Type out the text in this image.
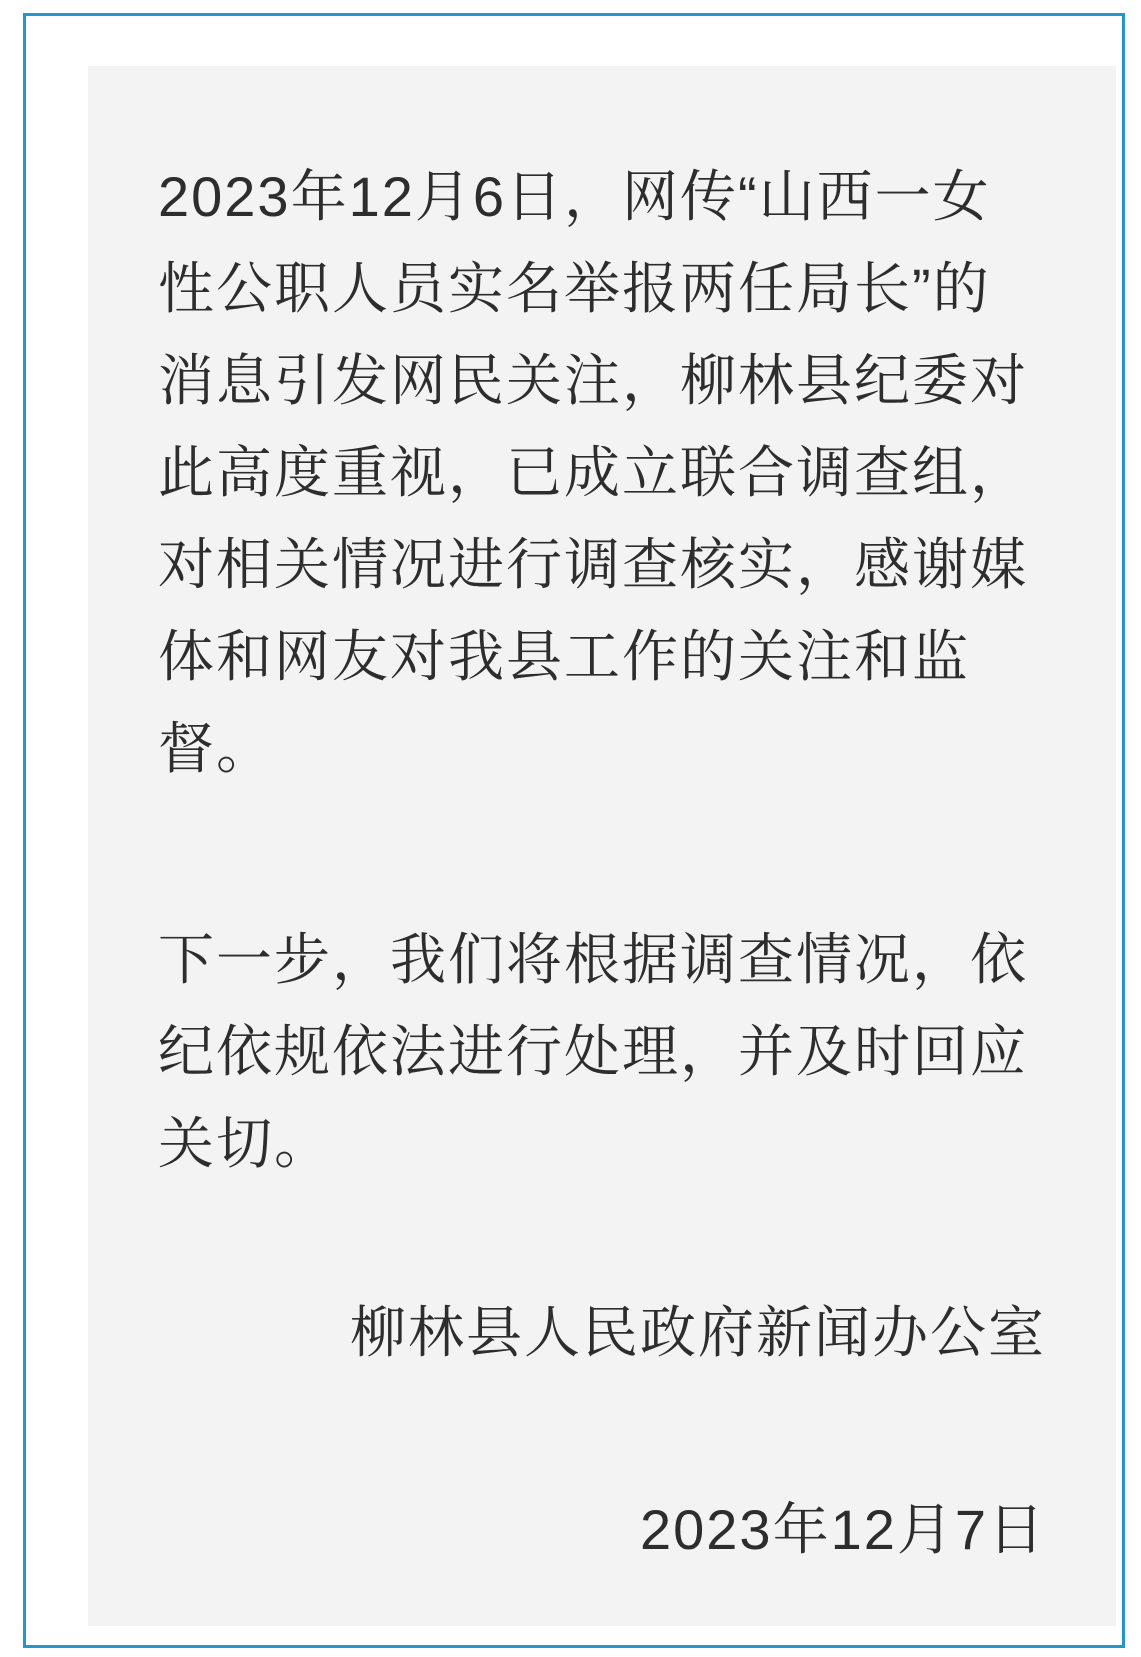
2023年12月6日，网传“山西一女
性公职人员实名举报两任局长”的
消息引发网民关注，柳林县纪委对
此高度重视，已成立联合调查组，
对相关情况进行调查核实，感谢媒
体和网友对我县工作的关注和监
督。
下一步，我们将根据调查情况，依
纪依规依法进行处理，并及时回应
关切。
柳林县人民政府新闻办公室
2023年12月7日
